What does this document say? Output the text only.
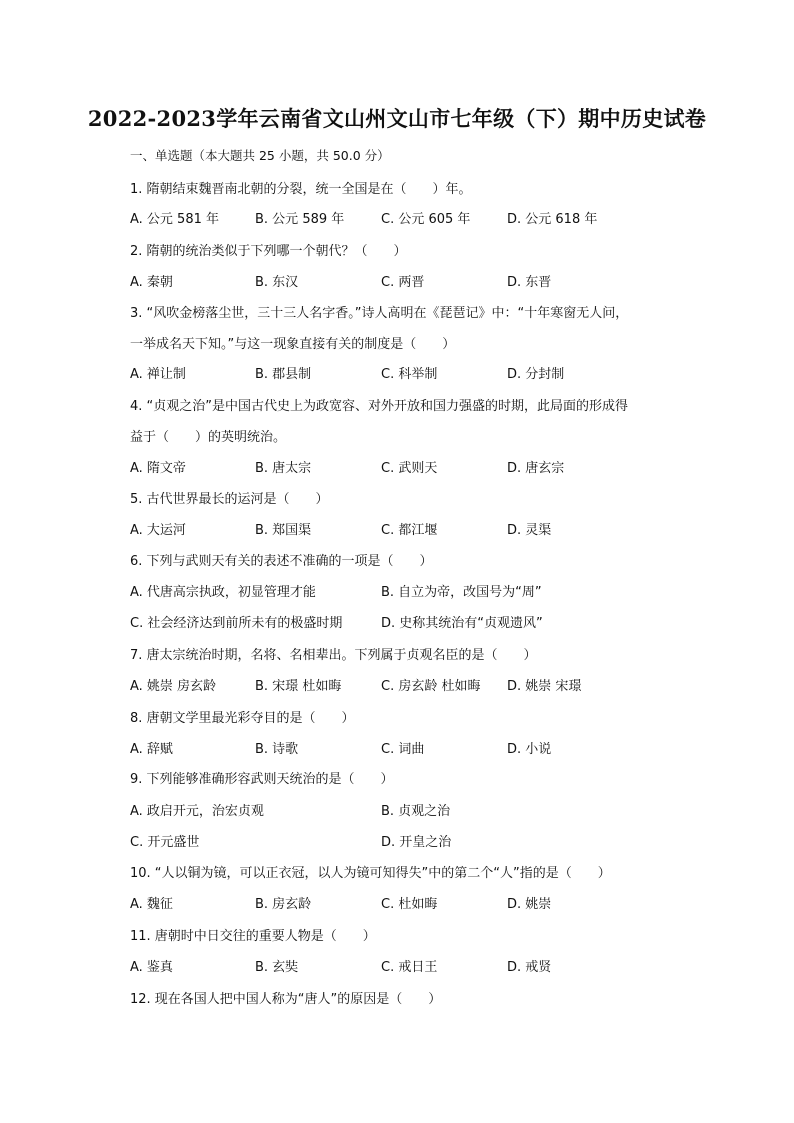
2022-2023学年云南省文山州文山市七年级（下）期中历史试卷
一、单选题（本大题共 25 小题，共 50.0 分）
1. 隋朝结束魏晋南北朝的分裂，统一全国是在（　　）年。
A. 公元 581 年	B. 公元 589 年	C. 公元 605 年	D. 公元 618 年
2. 隋朝的统治类似于下列哪一个朝代？（　　）
A. 秦朝	B. 东汉	C. 两晋	D. 东晋
3. “风吹金榜落尘世，三十三人名字香。”诗人高明在《琵琶记》中：“十年寒窗无人问，
一举成名天下知。”与这一现象直接有关的制度是（　　）
A. 禅让制	B. 郡县制	C. 科举制	D. 分封制
4. “贞观之治”是中国古代史上为政宽容、对外开放和国力强盛的时期，此局面的形成得
益于（　　）的英明统治。
A. 隋文帝	B. 唐太宗	C. 武则天	D. 唐玄宗
5. 古代世界最长的运河是（　　）
A. 大运河	B. 郑国渠	C. 都江堰	D. 灵渠
6. 下列与武则天有关的表述不准确的一项是（　　）
A. 代唐高宗执政，初显管理才能	B. 自立为帝，改国号为“周”
C. 社会经济达到前所未有的极盛时期	D. 史称其统治有“贞观遗风”
7. 唐太宗统治时期，名将、名相辈出。下列属于贞观名臣的是（　　）
A. 姚崇 房玄龄	B. 宋璟 杜如晦	C. 房玄龄 杜如晦 D. 姚崇 宋璟
8. 唐朝文学里最光彩夺目的是（　　）
A. 辞赋	B. 诗歌	C. 词曲	D. 小说
9. 下列能够准确形容武则天统治的是（　　）
A. 政启开元，治宏贞观	B. 贞观之治
C. 开元盛世	D. 开皇之治
10. “人以铜为镜，可以正衣冠，以人为镜可知得失”中的第二个“人”指的是（　　）
A. 魏征	B. 房玄龄	C. 杜如晦	D. 姚崇
11. 唐朝时中日交往的重要人物是（　　）
A. 鉴真	B. 玄奘	C. 戒日王	D. 戒贤
12. 现在各国人把中国人称为“唐人”的原因是（　　）
